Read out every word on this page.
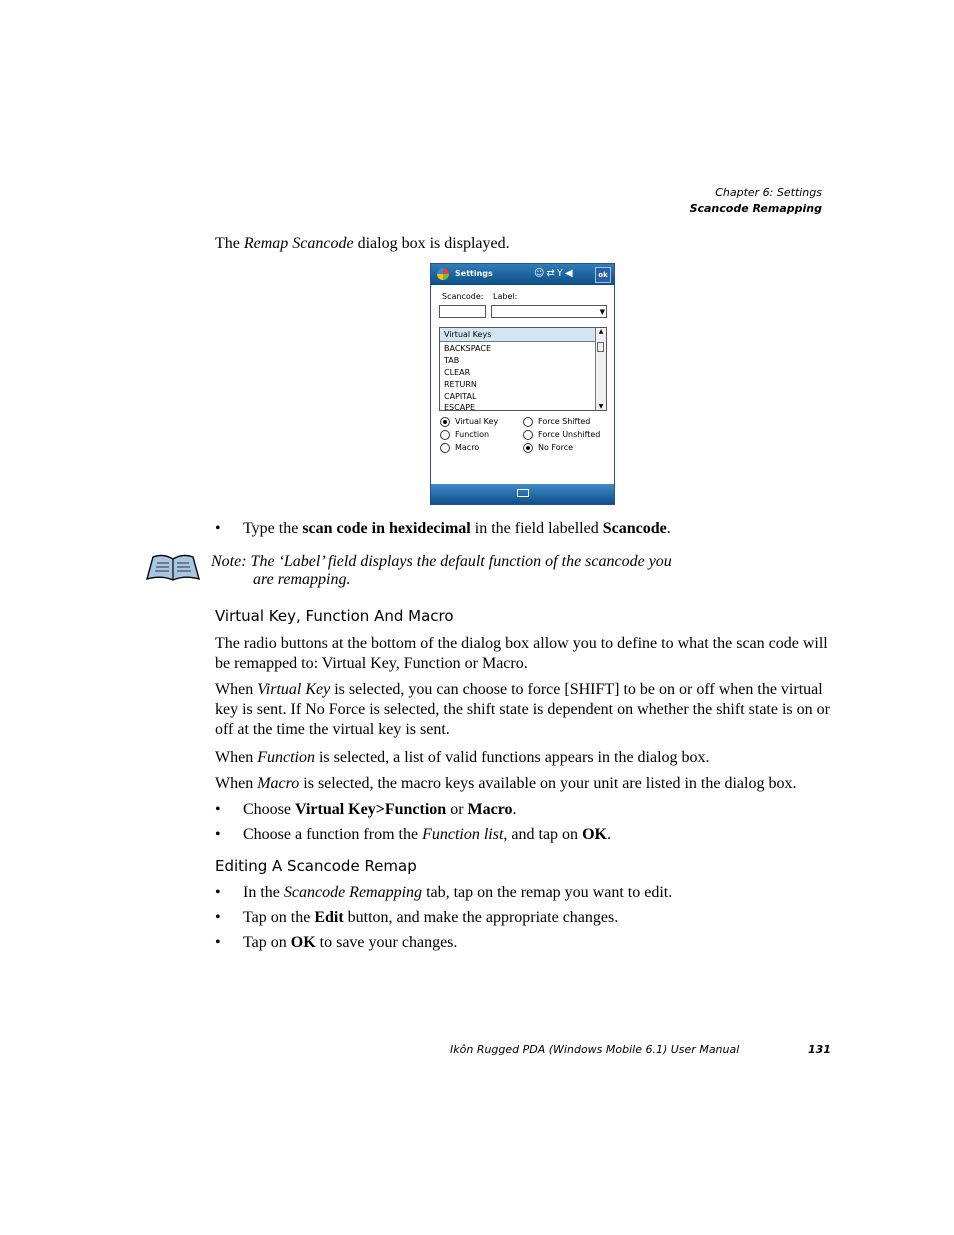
Chapter 6: Settings
Scancode Remapping
The Remap Scancode dialog box is displayed.
Settings	☺⇄Y◀	ok
Scancode: Label:
▼
Virtual Keys
BACKSPACE
TAB
CLEAR
RETURN
CAPITAL
ESCAPE
▲
▼
Virtual Key
Function
Macro
Force Shifted
Force Unshifted
No Force
• Type the scan code in hexidecimal in the field labelled Scancode.
Note: The ‘Label’ field displays the default function of the scancode you
are remapping.
Virtual Key, Function And Macro
The radio buttons at the bottom of the dialog box allow you to define to what the scan code will be remapped to: Virtual Key, Function or Macro.
When Virtual Key is selected, you can choose to force [SHIFT] to be on or off when the virtual key is sent. If No Force is selected, the shift state is dependent on whether the shift state is on or off at the time the virtual key is sent.
When Function is selected, a list of valid functions appears in the dialog box.
When Macro is selected, the macro keys available on your unit are listed in the dialog box.
• Choose Virtual Key>Function or Macro.
• Choose a function from the Function list, and tap on OK.
Editing A Scancode Remap
• In the Scancode Remapping tab, tap on the remap you want to edit.
• Tap on the Edit button, and make the appropriate changes.
• Tap on OK to save your changes.
Ikôn Rugged PDA (Windows Mobile 6.1) User Manual	131
